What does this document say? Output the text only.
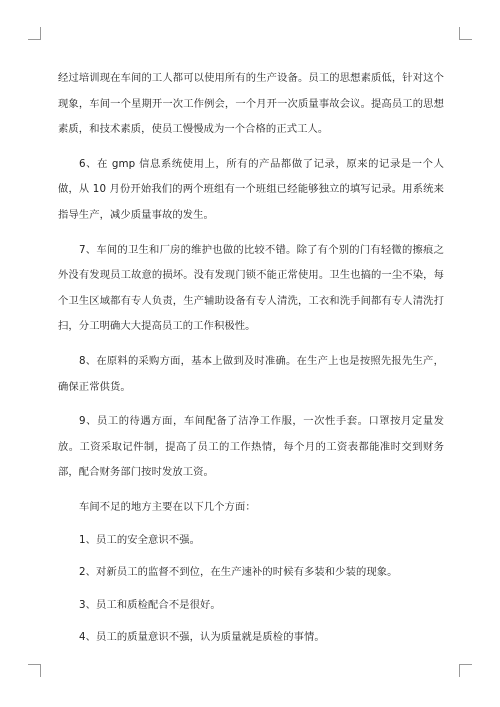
经过培训现在车间的工人都可以使用所有的生产设备。员工的思想素质低，针对这个现象，车间一个星期开一次工作例会，一个月开一次质量事故会议。提高员工的思想素质，和技术素质，使员工慢慢成为一个合格的正式工人。

6、在 gmp 信息系统使用上，所有的产品都做了记录，原来的记录是一个人做，从 10 月份开始我们的两个班组有一个班组已经能够独立的填写记录。用系统来指导生产，减少质量事故的发生。

7、车间的卫生和厂房的维护也做的比较不错。除了有个别的门有轻微的擦痕之外没有发现员工故意的损坏。没有发现门锁不能正常使用。卫生也搞的一尘不染，每个卫生区域都有专人负责，生产辅助设备有专人清洗，工衣和洗手间都有专人清洗打扫，分工明确大大提高员工的工作积极性。

8、在原料的采购方面，基本上做到及时准确。在生产上也是按照先报先生产，确保正常供货。

9、员工的待遇方面，车间配备了洁净工作服，一次性手套。口罩按月定量发放。工资采取记件制，提高了员工的工作热情，每个月的工资表都能准时交到财务部，配合财务部门按时发放工资。

车间不足的地方主要在以下几个方面：

1、员工的安全意识不强。

2、对新员工的监督不到位，在生产速补的时候有多装和少装的现象。

3、员工和质检配合不是很好。

4、员工的质量意识不强，认为质量就是质检的事情。
